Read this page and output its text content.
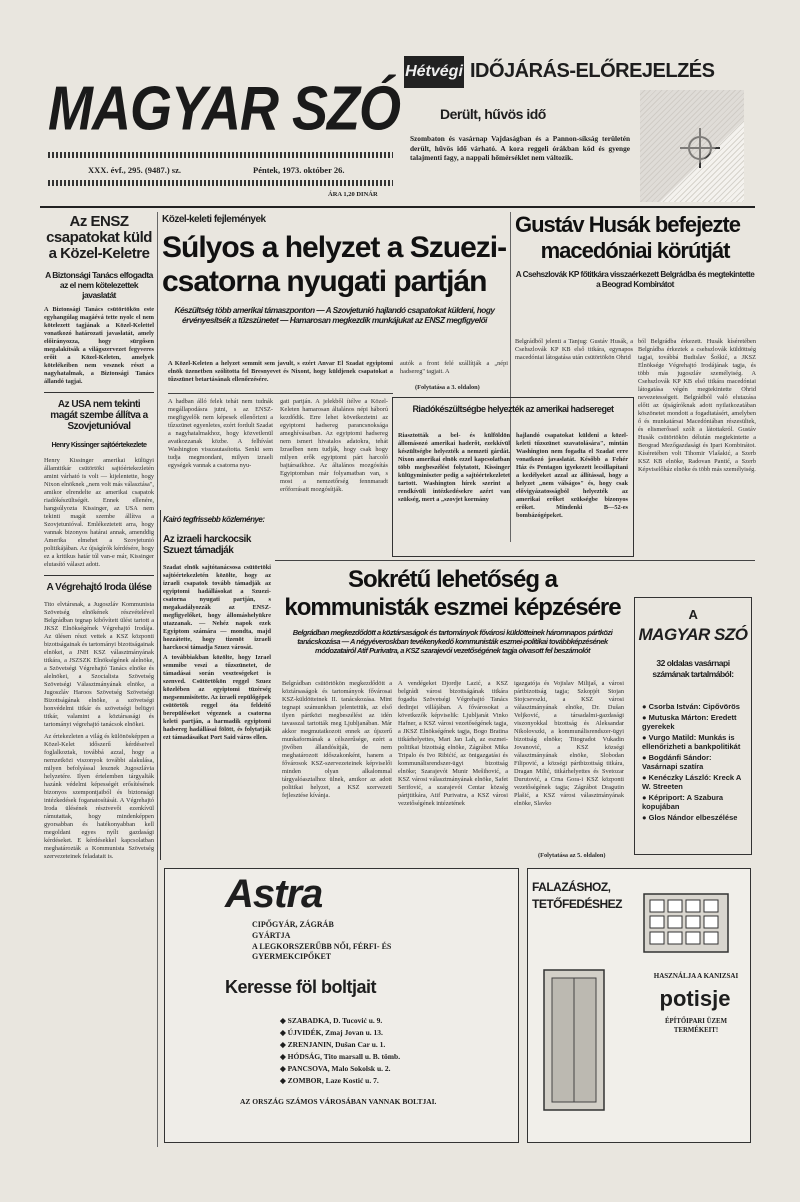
MAGYAR SZÓ
XXX. évf., 295. (9487.) sz.	Péntek, 1973. október 26.
ÁRA 1,20 DINÁR
Hétvégi IDŐJÁRÁS-ELŐREJELZÉS
Derült, hűvös idő
Szombaton és vasárnap Vajdaságban és a Pannon-síkság területén derült, hűvös idő várható. A kora reggeli órákban köd és gyenge talajmenti fagy, a nappali hőmérséklet nem változik.
Az ENSZ csapatokat küld a Közel-Keletre
A Biztonsági Tanács elfogadta az el nem kötelezettek javaslatát
A Biztonsági Tanács csütörtökön este egyhangúlag magáévá tette nyolc el nem kötelezett tagjának a Közel-Kelettel vonatkozó határozati javaslatát, amely előirányozza, hogy sürgősen megalakítsák a világszervezet fegyveres erőit a Közel-Keleten, amelyek kötelékeiben nem vesznek részt a nagyhatalmak, a Biztonsági Tanács állandó tagjai.
Az USA nem tekinti magát szembe állítva a Szovjetunióval
Henry Kissinger sajtóértekezlete
Henry Kissinger amerikai külügyi államtitkár csütörtöki sajtóértekezletén amint várható is volt — kijelentette, hogy Nixon elnöknek „nem volt más választása", amikor elrendelte az amerikai csapatok riadókészültségét. Ennek ellenére, hangsúlyozta Kissinger, az USA nem tekinti magát szembe állítva a Szovjetunióval. Emlékeztetett arra, hogy vannak bizonyos határai annak, amenddig Amerika elmehet a Szovjetunió politikájában. Az újságírók kérdésére, hogy ez a kritikus határ túl van-e már, Kissinger elutasító választ adott.
A Végrehajtó Iroda ülése
Tito elvtársnak, a Jugoszláv Kommunista Szövetség elnökének részvételével Belgrádban tegnap kibővített ülést tartott a JKSZ Elnökségének Végrehajtó Irodája. Az ülésen részt vettek a KSZ központi bizottságainak és tartományi bizottságainak elnökei, a JNH KSZ választmányának titkára, a JSZSZK Elnökségének alelnöke, a Szövetségi Végrehajtó Tanács elnöke és alelnökei, a Szocialista Szövetség Szövetségi Választmányának elnöke, a Jugoszláv Haroos Szövetség Szövetségi Bizottságának elnöke, a szövetségi honvédelmi titkár és szövetségi belügyi titkár, valamint a köztársasági és tartományi végrehajtó tanácsok elnökei.
Az értekezleten a világ és különösképpen a Közel-Kelet időszerű kérdéseivel foglalkoztak, továbbá azzal, hogy a nemzetközi viszonyok további alakulása, milyen befolyással lesznek Jugoszlávia helyzetére. Ilyen értelemben tárgyalták hazánk védelmi képességét erősítésének bizonyos szempontjaiból és biztonsági intézkedések foganatosítását. A Végrehajtó Iroda ülésének résztvevői ezenkívül rámutattak, hogy mindenképpen gyorsabban és hatékonyabban kell megoldani egyes nyílt gazdasági kérdéseket. E kérdésekkel kapcsolatban meghatározták a Kommunista Szövetség szervezeteinek feladatait is.
Közel-keleti fejlemények
Súlyos a helyzet a Szuezi-
csatorna nyugati partján
Készültség több amerikai támaszponton — A Szovjetunió hajlandó csapatokat küldeni, hogy érvényesítsék a tűzszünetet — Hamarosan megkezdik munkájukat az ENSZ megfigyelői
A Közel-Keleten a helyzet semmit sem javult, s ezért Anvar El Szadat egyiptomi elnök üzenetben szólította fel Bresnyevet és Nixont, hogy küldjenek csapatokat a tűzszünet betartásának ellenőrzésére.
autók a front felé szállítják a „népi hadsereg" tagjait. A
(Folytatása a 3. oldalon)
A hadban álló felek tehát nem tudnák megállapodásra jutni, s az ENSZ-megfigyelők nem képesek ellenőrizni a tűzszünet egyenletes, ezért fordult Szadat a nagyhatalmakhoz, hogy közvetlenül avatkozzanak közbe. A felhívást Washington visszautasította. Senki sem tudja megmondani, milyen izraeli egységek vannak a csatorna nyu-
gati partján. A jelekből ítélve a Közel-Keleten hamarosan általános népi háború kezdődik. Erre lehet következtetni az egyiptomi hadsereg parancsnoksága ameghívásaiban. Az egyiptomi hadsereg nem ismert hivatalos adatokra, tehát Izraelben nem tudják, hogy csak hogy milyen erők egyiptomi párt harcoló bajtársaikhoz. Az általános mozgósítás Egyiptomban már folyamatban van, s most a nemzetőrség fennmaradt erőforrásait mozgósítják.
Kairó tegfrissebb közleménye:
Az izraeli harckocsik Szuezt támadják
Szadat elnök sajtótanácsosa csütörtöki sajtóértekezletén közölte, hogy az izraeli csapatok tovább támadják az egyiptomi hadállásokat a Szuezi-csatorna nyugati partján, s megakadályozzák az ENSZ-megfigyelőket, hogy állomáshelyükre utazzanak. — Nehéz napok ezek Egyiptom számára — mondta, majd hozzátette, hogy tizenöt izraeli harckocsi támadja Szuez városát.
A továbbiakban közölte, hogy Izrael semmibe veszi a tűzszünetet, de támadásai során veszteségeket is szenved. Csütörtökön reggel Szuez közelében az egyiptomi tüzérség megsemmisítette. Az izraeli repülőgépek csütörtök reggel óta feldeítő berepüléseket végeznek a csatorna keleti partján, a harmadik egyiptomi hadsereg hadállásai fölött, és folytatják ezt támadásaikat Port Said város ellen.
Gustáv Husák befejezte
macedóniai körútját
A Csehszlovák KP főtitkára visszaérkezett Belgrádba és megtekintette a Beograd Kombinátot
Belgrádból jelenti a Tanjug: Gustáv Husák, a Csehszlovák KP KB első titkára, egynapos macedóniai látogatása után csütörtökön Ohrid
ból Belgrádba érkezett. Husák kíséretében Belgrádba érkeztek a csehszlovák küldöttség tagjai, továbbá Budislav Šoškić, a JKSZ Elnöksége Végrehajtó Irodájának tagja, és több más jugoszláv személyiség. A Csehszlovák KP KB első titkára macedóniai látogatása végén megtekintette Ohrid nevezetességeit. Belgrádból való elutazása előtt az újságíróknak adott nyilatkozatában köszönetet mondott a fogadtatásért, amelyben ő és munkatársai Macedóniában részesültek, és elismerőssel szólt a látottakról. Gustáv Husák csütörtökön délután megtekintette a Beograd Mezőgazdasági és Ipari Kombinátot. Kíséretében volt Tihomir Vlašakić, a Szerb KSZ KB elnöke, Radovan Pantić, a Szerb Képviselőház elnöke és több más személyiség.
Riadókészültségbe helyezték az amerikai hadsereget
Riasztották a bel- és külföldön állomásozó amerikai haderőt, ezekkívül készültségbe helyezték a nemzeti gárdát. Nixon amerikai elnök ezzel kapcsolatban több megbeszélést folytatott, Kissinger külügyminiszter pedig a sajtóértekezletet tartott. Washington hírek szerint a rendkívüli intézkedésekre azért van szükség, mert a „szovjet kormány
hajlandó csapatokat küldeni a közel-keleti tűzszünet szavatolására", mintán Washington nem fogadta el Szadat erre vonatkozó javaslatát. Később a Fehér Ház és Pentagon igyekezett lecsillapítani a kedélyeket azzal az állítással, hogy a helyzet „nem válságos" és, hogy csak elővigyázatosságból helyezték az amerikai erőket szükségbe bizonyos erőket. Mindenki B—52-es bombázógépeket.
Sokrétű lehetőség a
kommunisták eszmei képzésére
Belgrádban megkezdődött a köztársaságok és tartományok fővárosi küldötteinek háromnapos pártközi tanácskozása — A négyéveroskban tevékenykedő kommunisták eszmei-politikai továbbképzésének módozatairól Atif Purivatra, a KSZ szarajevói vezetőségének tagja olvasott fel beszámolót
Belgrádban csütörtökön megkezdődött a köztársaságok és tartományok fővárosai KSZ-küldötteinek II. tanácskozása. Mint tegnapi számunkban jelentettük, az első ilyen pártközi megbeszélést az idén tavasszal tartották meg Ljubljanában. Már akkor megmutatkozott ennek az újszerű munkaformának a célszerűsége, ezért a jövőben állandósítják, de nem meghatározott időszakonként, hanem a fővárosok KSZ-szervezeteinek képviselői minden olyan alkalommal tárgyalóasztalhoz ülnek, amikor az adott politikai helyzet, a KSZ szervezeti fejlesztése kívánja.
A vendégeket Djordje Lazić, a KSZ belgrádi városi bizottságának titkára fogadta Szövetségi Végrehajtó Tanács dedinjei villájában. A fővárosokat a következők képviselik: Ljubljanát Vinko Hafner, a KSZ városi vezetőségének tagja, a JKSZ Elnökségének tagja, Bogo Bratina titkárhelyettes, Mari Jan Lah, az eszmei-politikai bizottság elnöke, Zágrábot Mika Tripalo és Ivo Ribićić, az önigazgatási és kommunálisrendszer-ügyi bizottság elnöke; Szarajevót Munir Mešihović, a KSZ városi választmányának elnöke, Safet Serifović, a szarajevói Centar község pártjtitkára, Atif Purivatra, a KSZ városi vezetőségének intézetének
igazgatója és Vojislav Milijaš, a városi pártbizottság tagja; Szkopjét Stojan Stojcsevszki, a KSZ városi választmányának elnöke, Dr. Dušan Veljković, a társadalmi-gazdasági viszonyokkal bizottság és Aleksandar Nikolovszki, a kommunálisrendszer-ügyi bizottság elnöke; Titogradot Vukadin Jovanović, a KSZ községi választmányának elnöke, Slobodan Filipović, a községi pártbizottság titkára, Dragan Milić, titkárhelyettes és Svetozar Durutović, a Crna Gora-i KSZ központi vezetőségének tagja; Zágrábot Dragutin Plašić, a KSZ városi választmányának elnöke, Slavko
(Folytatása az 5. oldalon)
A
MAGYAR SZÓ
32 oldalas vasárnapi számának tartalmából:
● Csorba István: Cipővörös
● Mutuska Márton: Eredett gyerekek
● Vurgo Matild: Munkás is ellenőrizheti a bankpolitikát
● Bogdánfi Sándor: Vasárnapi szatíra
● Kenéczky László: Kreck A W. Streeten
● Képriport: A Szabura kopujában
● Glos Nándor elbeszélése
Astra
CIPŐGYÁR, ZÁGRÁB
GYÁRTJA
A LEGKORSZERŰBB NŐI, FÉRFI- ÉS GYERMEKCIPŐKET
Keresse föl boltjait
◆ SZABADKA, D. Tucović u. 9.
◆ ÚJVIDÉK, Zmaj Jovan u. 13.
◆ ZRENJANIN, Dušan Car u. 1.
◆ HÓDSÁG, Tito marsall u. B. tömb.
◆ PANCSOVA, Malo Sokolsk u. 2.
◆ ZOMBOR, Laze Kostić u. 7.
AZ ORSZÁG SZÁMOS VÁROSÁBAN VANNAK BOLTJAI.
FALAZÁSHOZ,
TETŐFEDÉSHEZ
HASZNÁLJA A KANIZSAI
potisje
ÉPÍTŐIPARI ÜZEM TERMÉKEIT!
